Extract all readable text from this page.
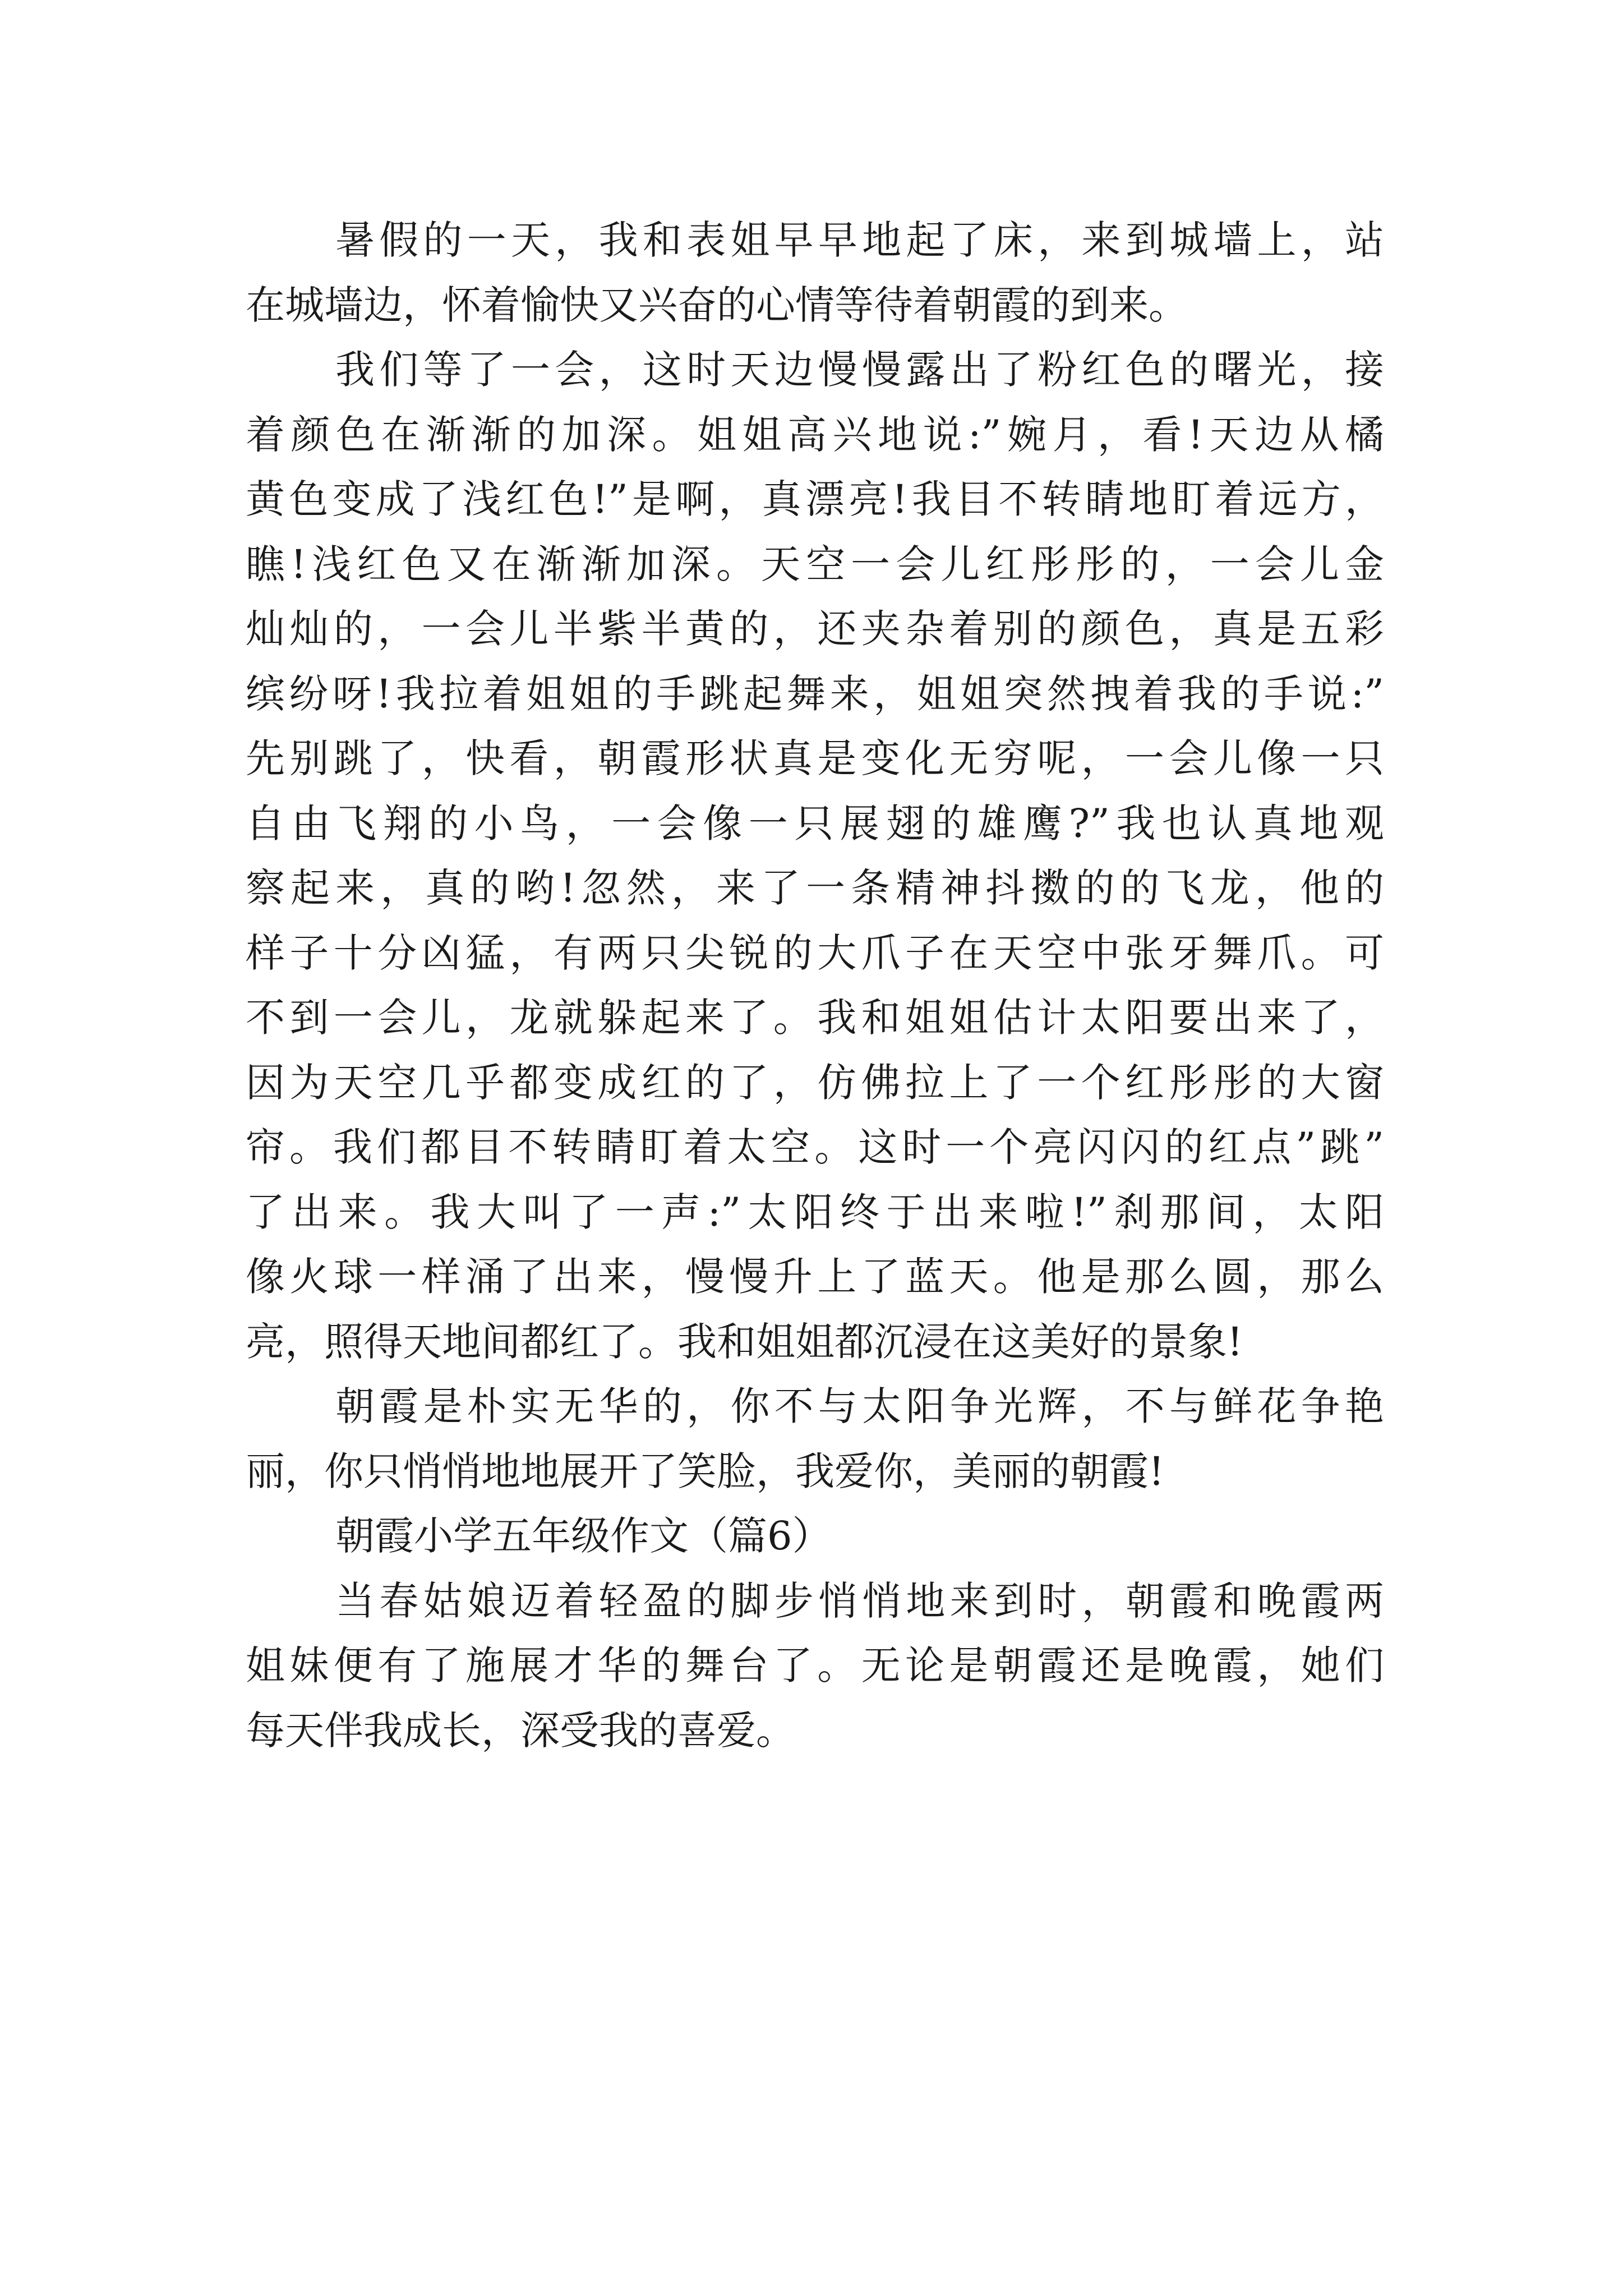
暑假的一天，我和表姐早早地起了床，来到城墙上，站
在城墙边，怀着愉快又兴奋的心情等待着朝霞的到来。
我们等了一会，这时天边慢慢露出了粉红色的曙光，接
着颜色在渐渐的加深。姐姐高兴地说:”婉月，看!天边从橘
黄色变成了浅红色!”是啊，真漂亮!我目不转睛地盯着远方，
瞧!浅红色又在渐渐加深。天空一会儿红彤彤的，一会儿金
灿灿的，一会儿半紫半黄的，还夹杂着别的颜色，真是五彩
缤纷呀!我拉着姐姐的手跳起舞来，姐姐突然拽着我的手说:”
先别跳了，快看，朝霞形状真是变化无穷呢，一会儿像一只
自由飞翔的小鸟，一会像一只展翅的雄鹰?”我也认真地观
察起来，真的哟!忽然，来了一条精神抖擞的的飞龙，他的
样子十分凶猛，有两只尖锐的大爪子在天空中张牙舞爪。可
不到一会儿，龙就躲起来了。我和姐姐估计太阳要出来了，
因为天空几乎都变成红的了，仿佛拉上了一个红彤彤的大窗
帘。我们都目不转睛盯着太空。这时一个亮闪闪的红点”跳”
了出来。我大叫了一声:”太阳终于出来啦!”刹那间，太阳
像火球一样涌了出来，慢慢升上了蓝天。他是那么圆，那么
亮，照得天地间都红了。我和姐姐都沉浸在这美好的景象!
朝霞是朴实无华的，你不与太阳争光辉，不与鲜花争艳
丽，你只悄悄地地展开了笑脸，我爱你，美丽的朝霞!
朝霞小学五年级作文（篇6）
当春姑娘迈着轻盈的脚步悄悄地来到时，朝霞和晚霞两
姐妹便有了施展才华的舞台了。无论是朝霞还是晚霞，她们
每天伴我成长，深受我的喜爱。
